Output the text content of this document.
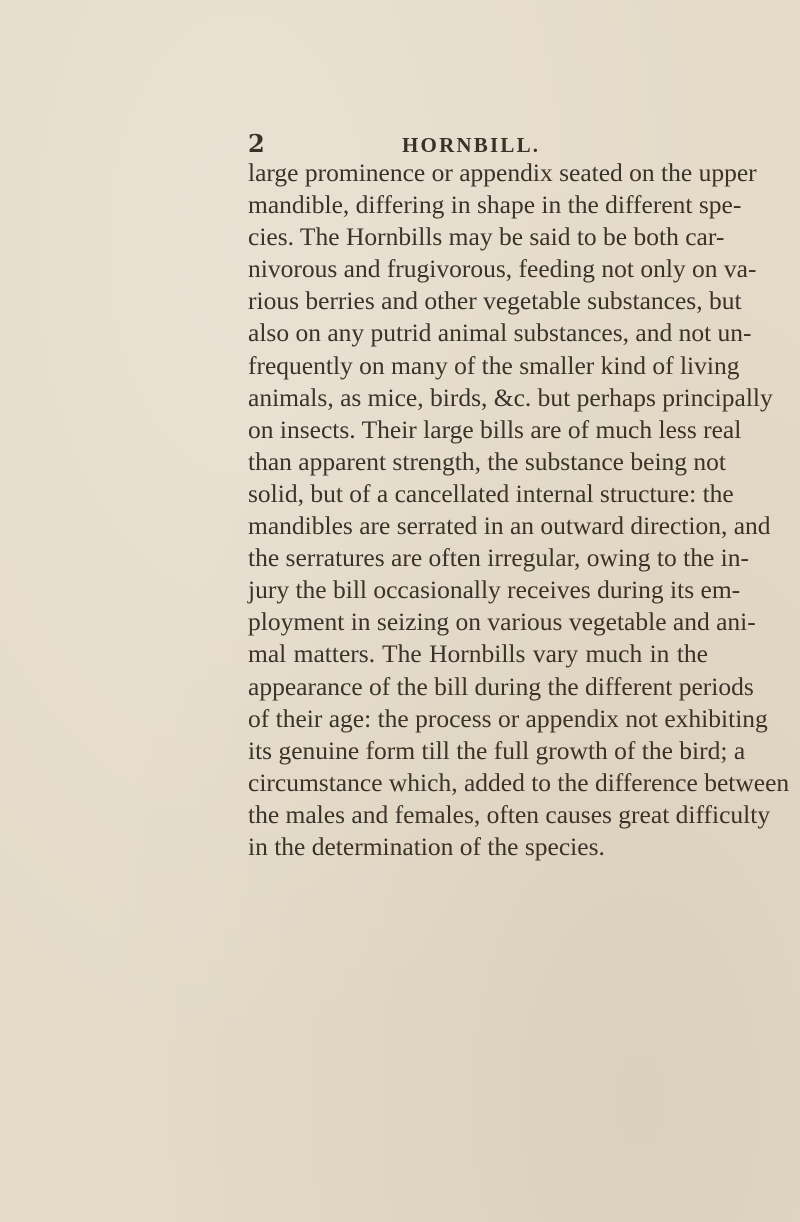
2	HORNBILL.
large prominence or appendix seated on the upper
mandible, differing in shape in the different spe-
cies. The Hornbills may be said to be both car-
nivorous and frugivorous, feeding not only on va-
rious berries and other vegetable substances, but
also on any putrid animal substances, and not un-
frequently on many of the smaller kind of living
animals, as mice, birds, &c. but perhaps principally
on insects. Their large bills are of much less real
than apparent strength, the substance being not
solid, but of a cancellated internal structure: the
mandibles are serrated in an outward direction, and
the serratures are often irregular, owing to the in-
jury the bill occasionally receives during its em-
ployment in seizing on various vegetable and ani-
mal matters. The Hornbills vary much in the
appearance of the bill during the different periods
of their age: the process or appendix not exhibiting
its genuine form till the full growth of the bird; a
circumstance which, added to the difference between
the males and females, often causes great difficulty
in the determination of the species.
